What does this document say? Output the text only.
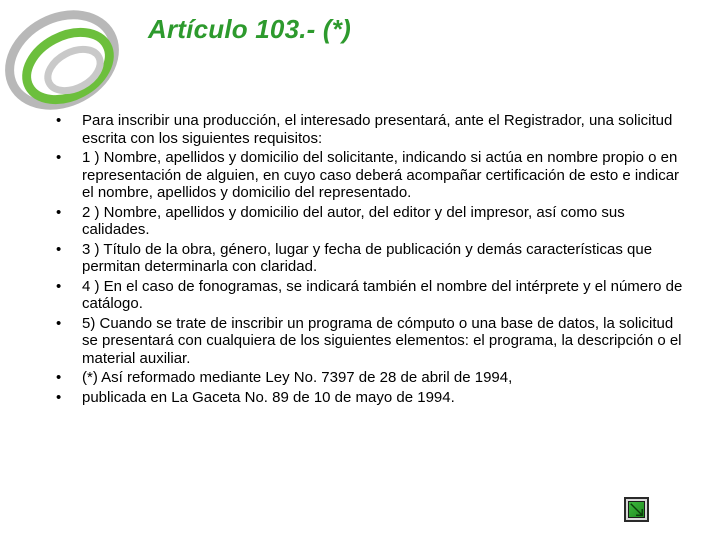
Artículo 103.- (*)
• Para inscribir una producción, el interesado presentará, ante el Registrador, una solicitud escrita con los siguientes requisitos:
• 1 ) Nombre, apellidos y domicilio del solicitante, indicando si actúa en nombre propio o en representación de alguien, en cuyo caso deberá acompañar certificación de esto e indicar el nombre, apellidos y domicilio del representado.
• 2 ) Nombre, apellidos y domicilio del autor, del editor y del impresor, así como sus calidades.
• 3 ) Título de la obra, género, lugar y fecha de publicación y demás características que permitan determinarla con claridad.
• 4 ) En el caso de fonogramas, se indicará también el nombre del intérprete y el número de catálogo.
• 5) Cuando se trate de inscribir un programa de cómputo o una base de datos, la solicitud se presentará con cualquiera de los siguientes elementos: el programa, la descripción o el material auxiliar.
• (*) Así reformado mediante Ley No. 7397 de 28 de abril de 1994,
• publicada en La Gaceta No. 89 de 10 de mayo de 1994.
